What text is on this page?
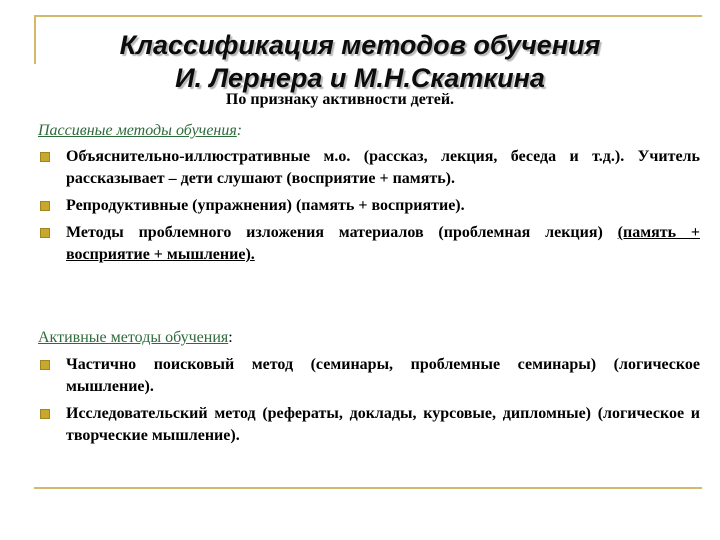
Классификация методов обучения
И. Лернера и М.Н.Скаткина
По признаку активности детей.
Пассивные методы обучения:
Объяснительно-иллюстративные м.о. (рассказ, лекция, беседа и т.д.). Учитель рассказывает – дети слушают (восприятие + память).
Репродуктивные (упражнения) (память + восприятие).
Методы проблемного изложения материалов (проблемная лекция) (память + восприятие + мышление).
Активные методы обучения:
Частично поисковый метод (семинары, проблемные семинары) (логическое мышление).
Исследовательский метод (рефераты, доклады, курсовые, дипломные) (логическое и творческие мышление).
